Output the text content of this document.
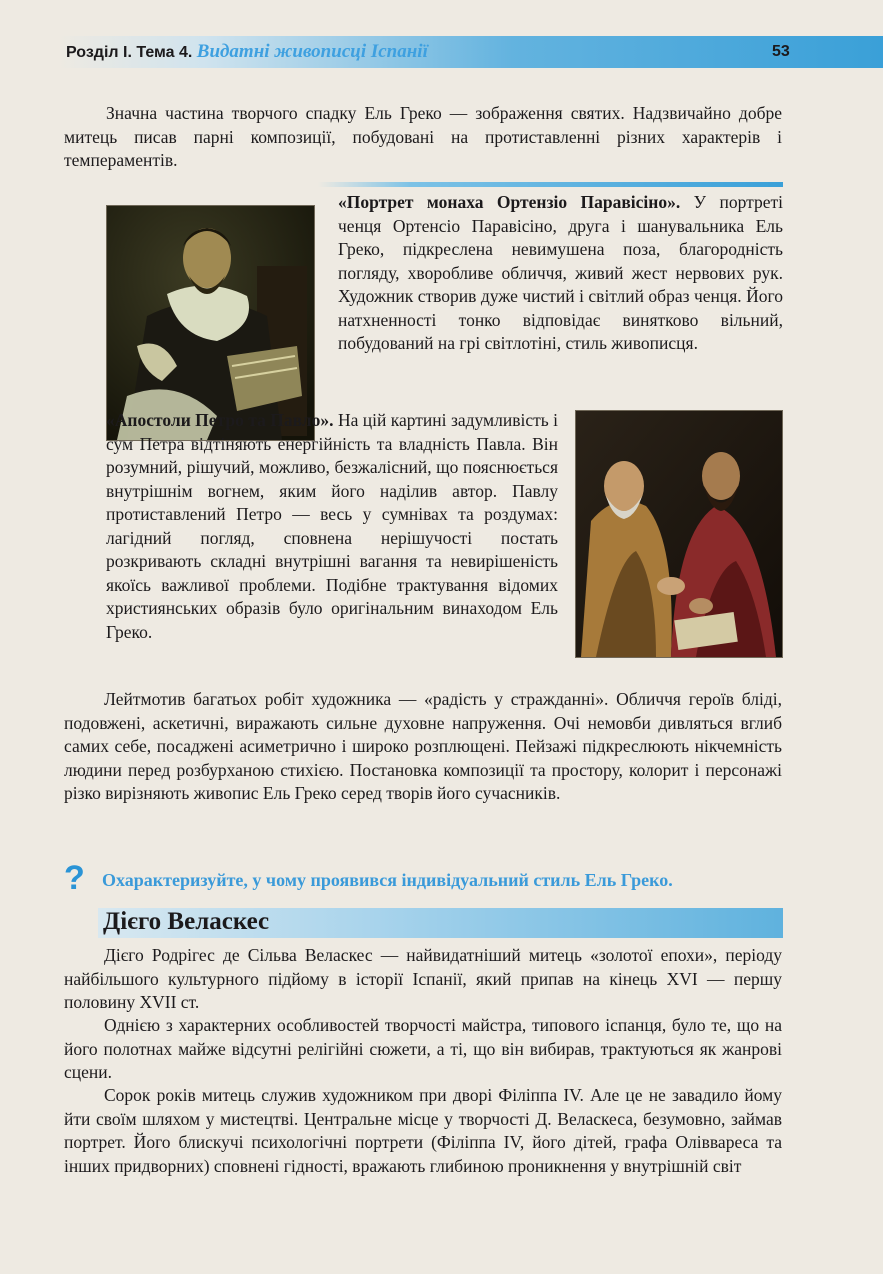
Розділ І. Тема 4. Видатні живописці Іспанії	53

Значна частина творчого спадку Ель Греко — зображення святих. Надзвичайно добре митець писав парні композиції, побудовані на протиставленні різних характерів і темпераментів.

«Портрет монаха Ортензіо Паравісіно». У портреті ченця Ортенсіо Паравісіно, друга і шанувальника Ель Греко, підкреслена невимушена поза, благородність погляду, хворобливе обличчя, живий жест нервових рук. Художник створив дуже чистий і світлий образ ченця. Його натхненності тонко відповідає винятково вільний, побудований на грі світлотіні, стиль живописця.

«Апостоли Петро та Павло». На цій картині задумливість і сум Петра відтіняють енергійність та владність Павла. Він розумний, рішучий, можливо, безжалісний, що пояснюється внутрішнім вогнем, яким його наділив автор. Павлу протиставлений Петро — весь у сумнівах та роздумах: лагідний погляд, сповнена нерішучості постать розкривають складні внутрішні вагання та невирішеність якоїсь важливої проблеми. Подібне трактування відомих християнських образів було оригінальним винаходом Ель Греко.

Лейтмотив багатьох робіт художника — «радість у стражданні». Обличчя героїв бліді, подовжені, аскетичні, виражають сильне духовне напруження. Очі немовби дивляться вглиб самих себе, посаджені асиметрично і широко розплющені. Пейзажі підкреслюють нікчемність людини перед розбурханою стихією. Постановка композиції та простору, колорит і персонажі різко вирізняють живопис Ель Греко серед творів його сучасників.

? Охарактеризуйте, у чому проявився індивідуальний стиль Ель Греко.
Дієго Веласкес

Дієго Родрігес де Сільва Веласкес — найвидатніший митець «золотої епохи», періоду найбільшого культурного підйому в історії Іспанії, який припав на кінець XVI — першу половину XVII ст.

Однією з характерних особливостей творчості майстра, типового іспанця, було те, що на його полотнах майже відсутні релігійні сюжети, а ті, що він вибирав, трактуються як жанрові сцени.

Сорок років митець служив художником при дворі Філіппа IV. Але це не завадило йому йти своїм шляхом у мистецтві. Центральне місце у творчості Д. Веласкеса, безумовно, займав портрет. Його блискучі психологічні портрети (Філіппа IV, його дітей, графа Оліввареса та інших придворних) сповнені гідності, вражають глибиною проникнення у внутрішній світ
